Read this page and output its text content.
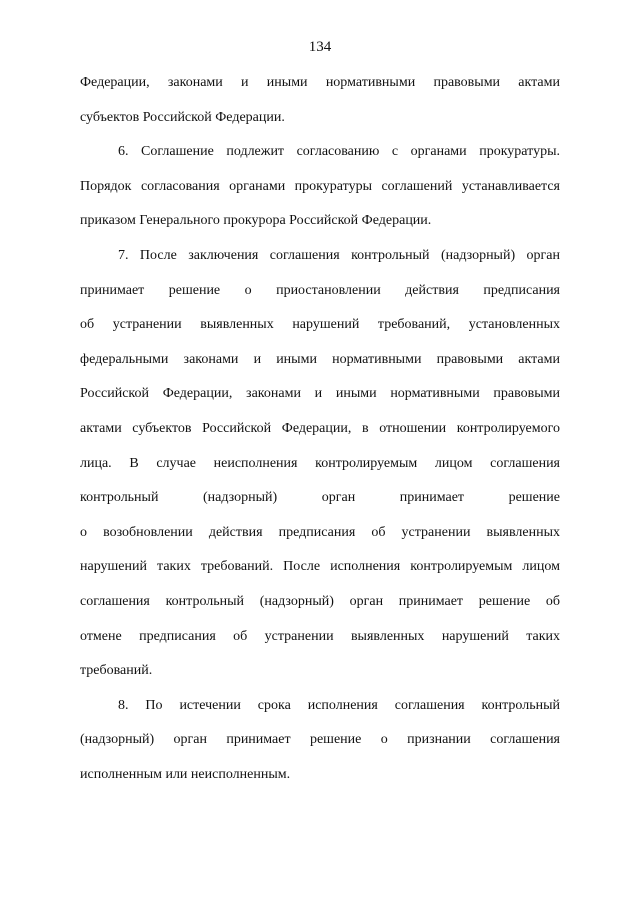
134
Федерации, законами и иными нормативными правовыми актами
субъектов Российской Федерации.
6. Соглашение подлежит согласованию с органами прокуратуры.
Порядок согласования органами прокуратуры соглашений устанавливается
приказом Генерального прокурора Российской Федерации.
7. После заключения соглашения контрольный (надзорный) орган
принимает решение о приостановлении действия предписания
об устранении выявленных нарушений требований, установленных
федеральными законами и иными нормативными правовыми актами
Российской Федерации, законами и иными нормативными правовыми
актами субъектов Российской Федерации, в отношении контролируемого
лица. В случае неисполнения контролируемым лицом соглашения
контрольный (надзорный) орган принимает решение
о возобновлении действия предписания об устранении выявленных
нарушений таких требований. После исполнения контролируемым лицом
соглашения контрольный (надзорный) орган принимает решение об
отмене предписания об устранении выявленных нарушений таких
требований.
8. По истечении срока исполнения соглашения контрольный
(надзорный) орган принимает решение о признании соглашения
исполненным или неисполненным.
